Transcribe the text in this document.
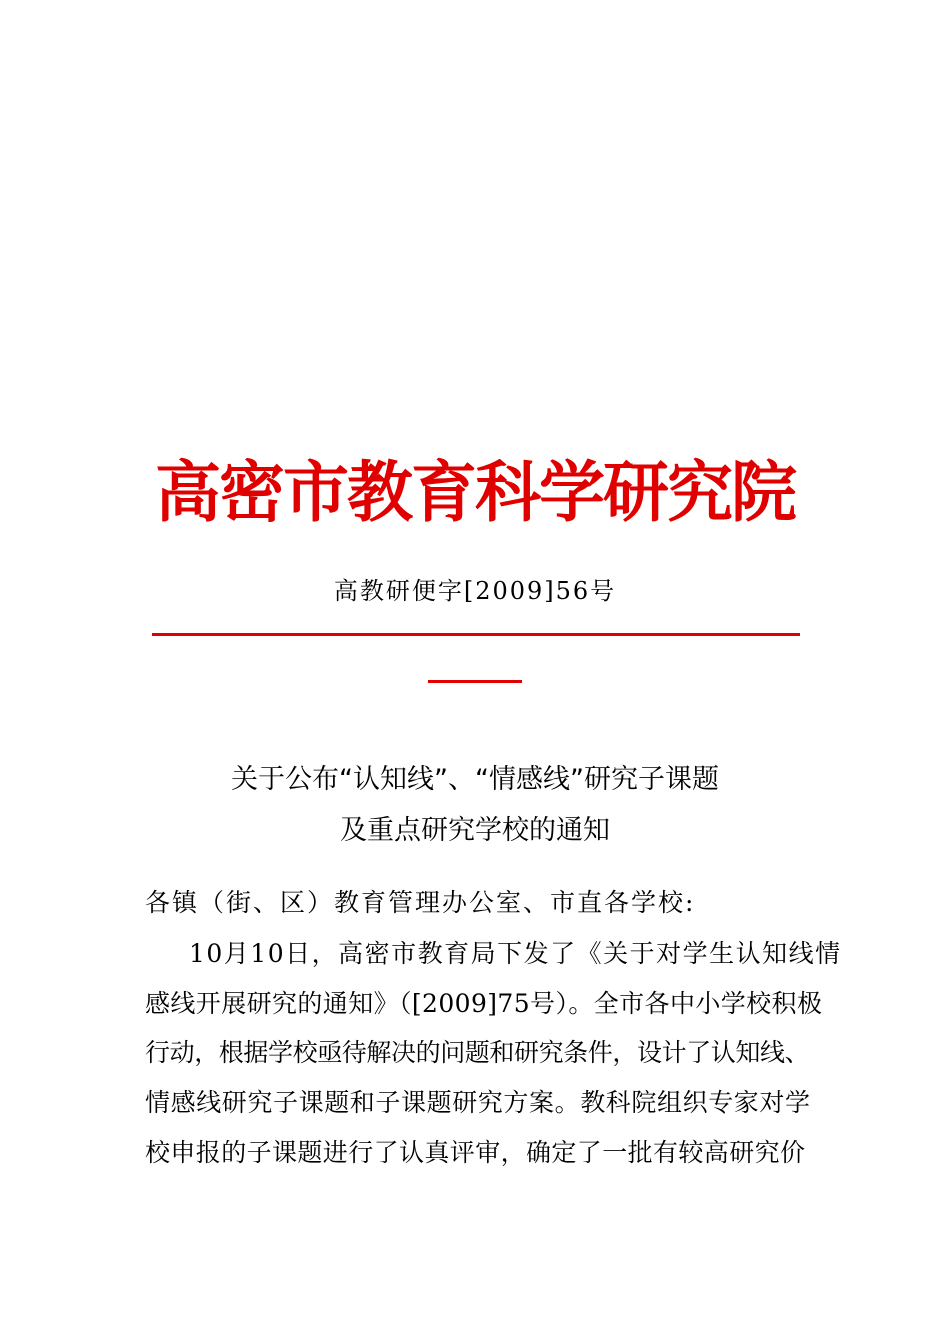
高密市教育科学研究院
高教研便字[2009]56号
关于公布“认知线”、“情感线”研究子课题
及重点研究学校的通知
各镇（街、区）教育管理办公室、市直各学校:
10月10日，高密市教育局下发了《关于对学生认知线情
感线开展研究的通知》（[2009]75号）。全市各中小学校积极
行动，根据学校亟待解决的问题和研究条件，设计了认知线、
情感线研究子课题和子课题研究方案。教科院组织专家对学
校申报的子课题进行了认真评审，确定了一批有较高研究价
